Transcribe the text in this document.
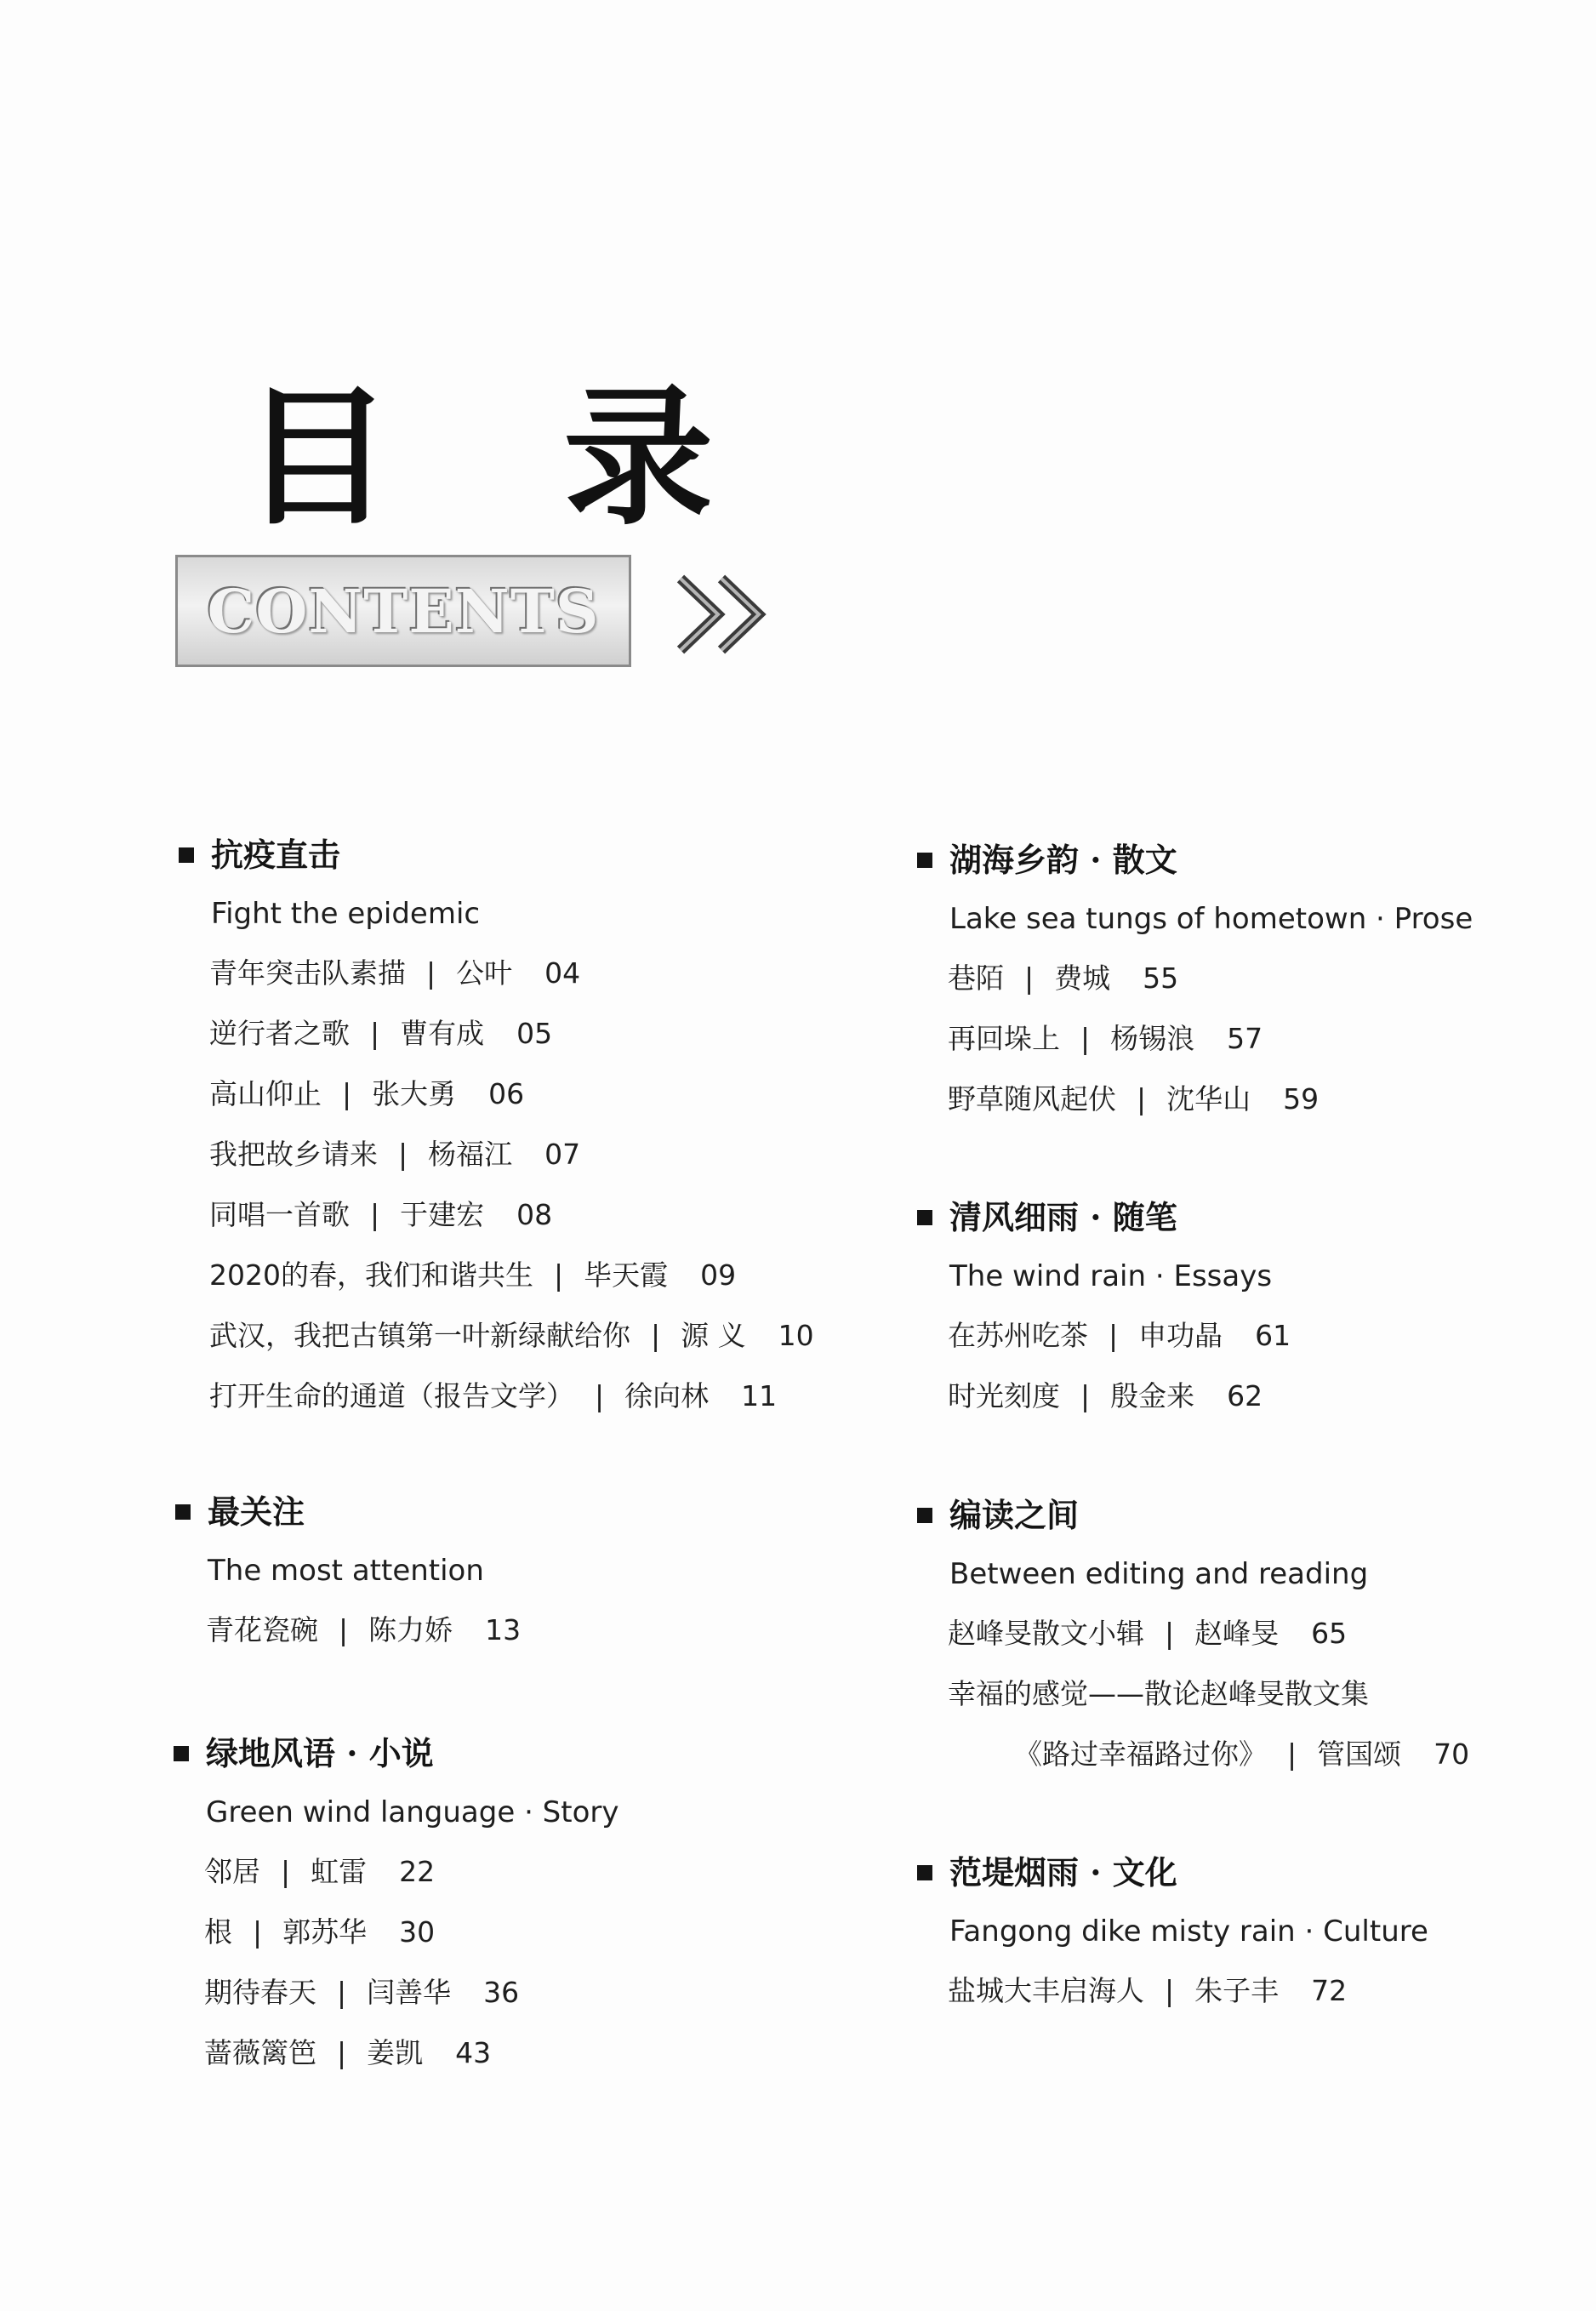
目 录
CONTENTS
抗疫直击
Fight the epidemic
青年突击队素描 | 公叶 04
逆行者之歌 | 曹有成 05
高山仰止 | 张大勇 06
我把故乡请来 | 杨福江 07
同唱一首歌 | 于建宏 08
2020的春，我们和谐共生 | 毕天霞 09
武汉，我把古镇第一叶新绿献给你 | 源 义 10
打开生命的通道（报告文学） | 徐向林 11
最关注
The most attention
青花瓷碗 | 陈力娇 13
绿地风语 · 小说
Green wind language · Story
邻居 | 虹雷 22
根 | 郭苏华 30
期待春天 | 闫善华 36
蔷薇篱笆 | 姜凯 43
湖海乡韵 · 散文
Lake sea tungs of hometown · Prose
巷陌 | 费城 55
再回垛上 | 杨锡浪 57
野草随风起伏 | 沈华山 59
清风细雨 · 随笔
The wind rain · Essays
在苏州吃茶 | 申功晶 61
时光刻度 | 殷金来 62
编读之间
Between editing and reading
赵峰旻散文小辑 | 赵峰旻 65
幸福的感觉——散论赵峰旻散文集
《路过幸福路过你》 | 管国颂 70
范堤烟雨 · 文化
Fangong dike misty rain · Culture
盐城大丰启海人 | 朱子丰 72
